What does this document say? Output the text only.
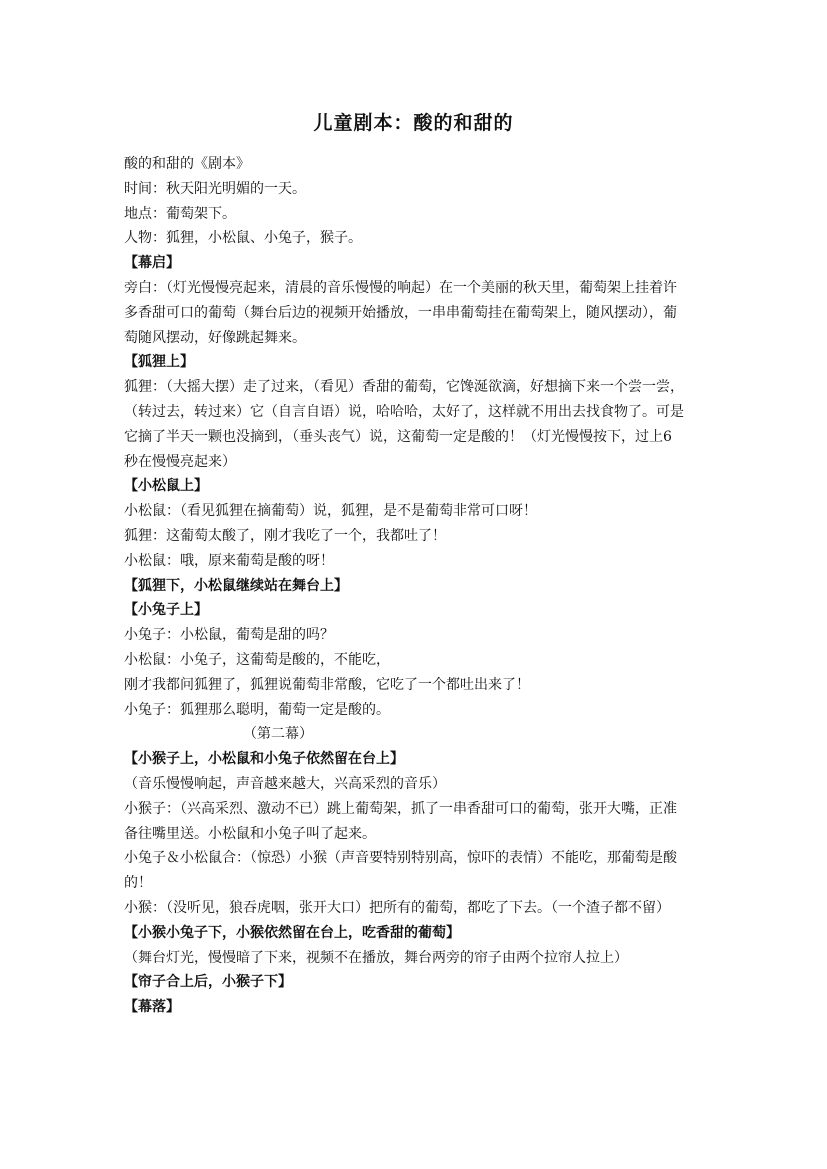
儿童剧本：酸的和甜的
酸的和甜的《剧本》
时间：秋天阳光明媚的一天。
地点：葡萄架下。
人物：狐狸，小松鼠、小兔子，猴子。
【幕启】
旁白：（灯光慢慢亮起来，清晨的音乐慢慢的响起）在一个美丽的秋天里，葡萄架上挂着许
多香甜可口的葡萄（舞台后边的视频开始播放，一串串葡萄挂在葡萄架上，随风摆动），葡
萄随风摆动，好像跳起舞来。
【狐狸上】
狐狸：（大摇大摆）走了过来，（看见）香甜的葡萄，它馋涎欲滴，好想摘下来一个尝一尝，
（转过去，转过来）它（自言自语）说，哈哈哈，太好了，这样就不用出去找食物了。可是
它摘了半天一颗也没摘到，（垂头丧气）说，这葡萄一定是酸的！（灯光慢慢按下，过上6
秒在慢慢亮起来）
【小松鼠上】
小松鼠：（看见狐狸在摘葡萄）说，狐狸，是不是葡萄非常可口呀！
狐狸：这葡萄太酸了，刚才我吃了一个，我都吐了！
小松鼠：哦，原来葡萄是酸的呀！
【狐狸下，小松鼠继续站在舞台上】
【小兔子上】
小兔子：小松鼠，葡萄是甜的吗？
小松鼠：小兔子，这葡萄是酸的，不能吃，
刚才我都问狐狸了，狐狸说葡萄非常酸，它吃了一个都吐出来了！
小兔子：狐狸那么聪明，葡萄一定是酸的。
（第二幕）
【小猴子上，小松鼠和小兔子依然留在台上】
（音乐慢慢响起，声音越来越大，兴高采烈的音乐）
小猴子：（兴高采烈、激动不已）跳上葡萄架，抓了一串香甜可口的葡萄，张开大嘴，正准
备往嘴里送。小松鼠和小兔子叫了起来。
小兔子＆小松鼠合：（惊恐）小猴（声音要特别特别高，惊吓的表情）不能吃，那葡萄是酸
的！
小猴：（没听见，狼吞虎咽，张开大口）把所有的葡萄，都吃了下去。（一个渣子都不留）
【小猴小兔子下，小猴依然留在台上，吃香甜的葡萄】
（舞台灯光，慢慢暗了下来，视频不在播放，舞台两旁的帘子由两个拉帘人拉上）
【帘子合上后，小猴子下】
【幕落】
